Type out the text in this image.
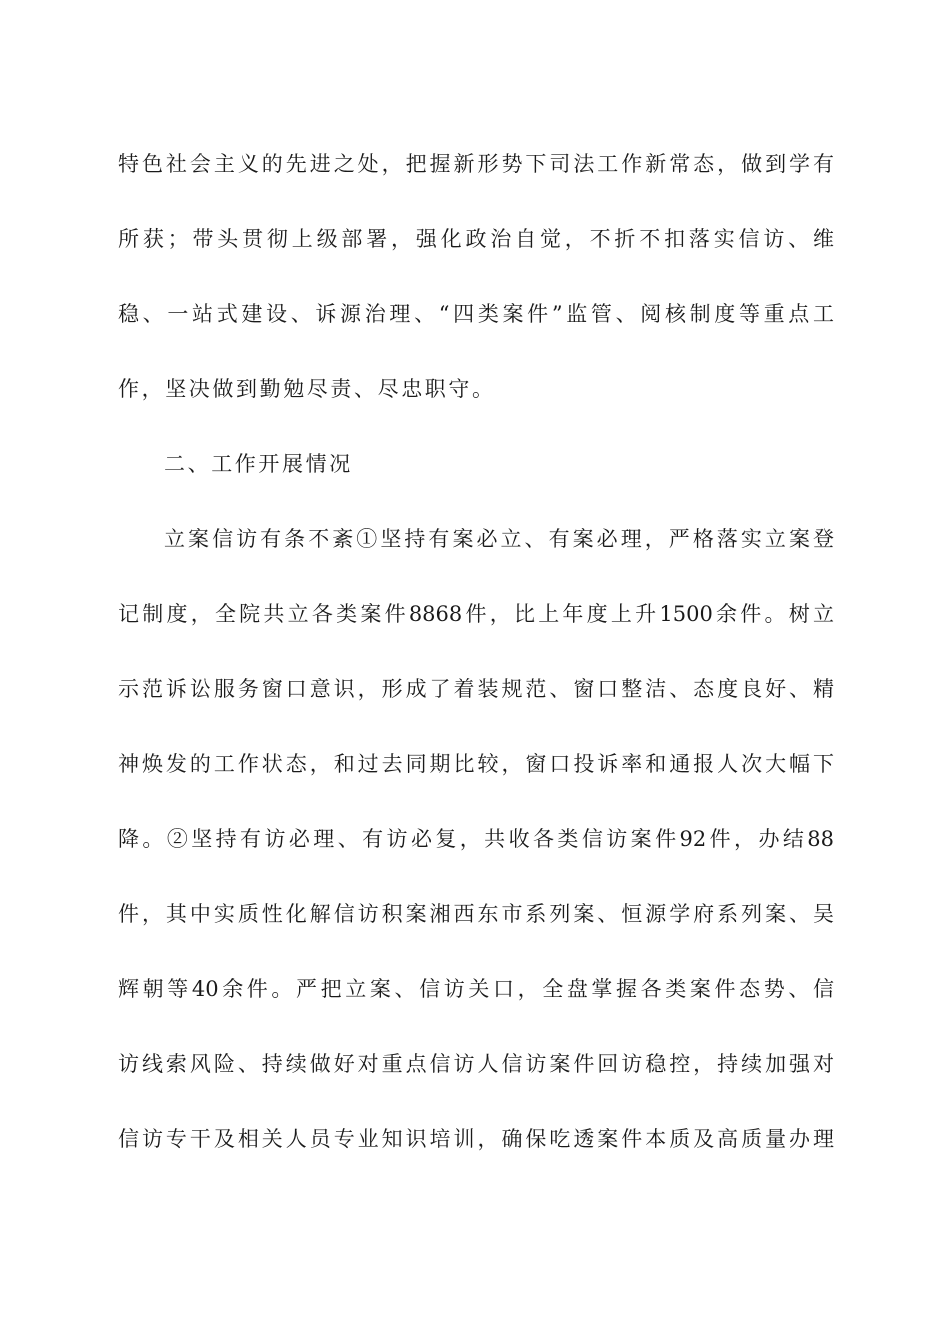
特色社会主义的先进之处，把握新形势下司法工作新常态，做到学有
所获；带头贯彻上级部署，强化政治自觉，不折不扣落实信访、维
稳、一站式建设、诉源治理、“四类案件”监管、阅核制度等重点工
作，坚决做到勤勉尽责、尽忠职守。
二、工作开展情况
立案信访有条不紊①坚持有案必立、有案必理，严格落实立案登
记制度，全院共立各类案件8868件，比上年度上升1500余件。树立
示范诉讼服务窗口意识，形成了着装规范、窗口整洁、态度良好、精
神焕发的工作状态，和过去同期比较，窗口投诉率和通报人次大幅下
降。②坚持有访必理、有访必复，共收各类信访案件92件，办结88
件，其中实质性化解信访积案湘西东市系列案、恒源学府系列案、吴
辉朝等40余件。严把立案、信访关口，全盘掌握各类案件态势、信
访线索风险、持续做好对重点信访人信访案件回访稳控，持续加强对
信访专干及相关人员专业知识培训，确保吃透案件本质及高质量办理
